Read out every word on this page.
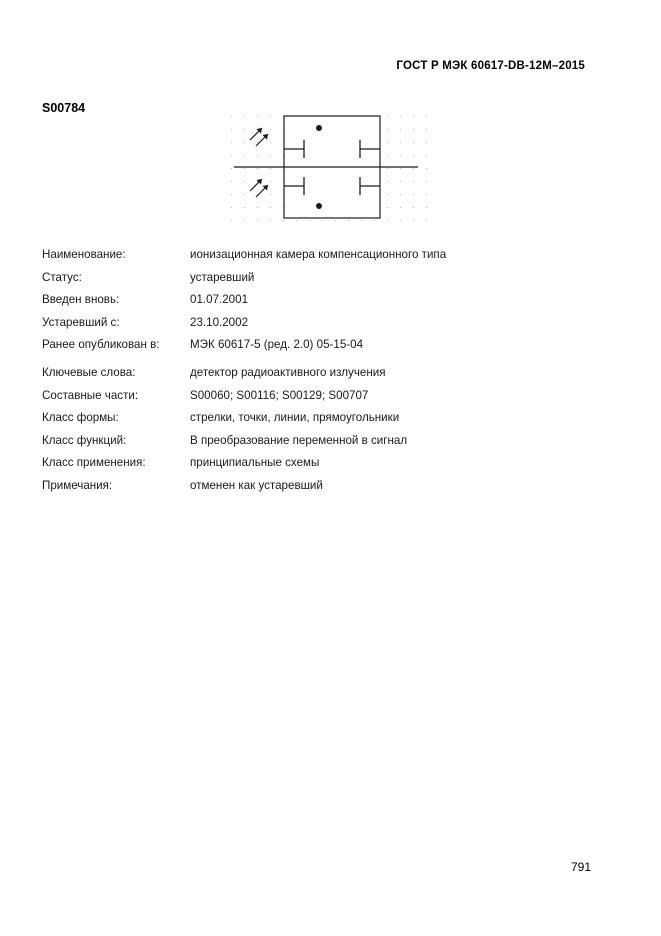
ГОСТ Р МЭК 60617-DB-12M–2015
S00784
Наименование:	ионизационная камера компенсационного типа
Статус:	устаревший
Введен вновь:	01.07.2001
Устаревший с:	23.10.2002
Ранее опубликован в:	МЭК 60617-5 (ред. 2.0) 05-15-04
Ключевые слова:	детектор радиоактивного излучения
Составные части:	S00060; S00116; S00129; S00707
Класс формы:	стрелки, точки, линии, прямоугольники
Класс функций:	В преобразование переменной в сигнал
Класс применения:	принципиальные схемы
Примечания:	отменен как устаревший
791
